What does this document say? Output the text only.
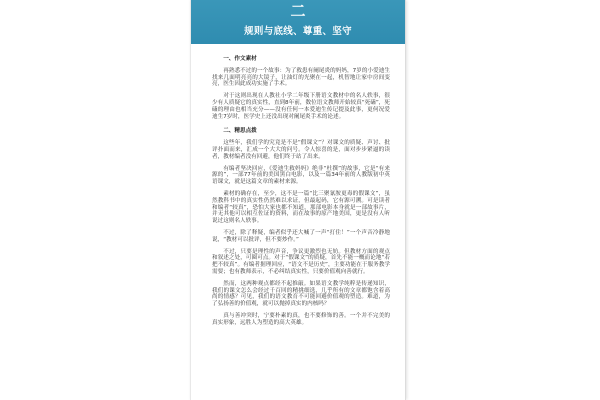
二
规则与底线、尊重、坚守
一、作文素材

再熟悉不过的一个故事：为了救患有阑尾炎的妈妈，7岁的小爱迪生找来几面明亮亮的大镜子，让油灯的光聚在一起，机智地让家中房间变亮，医生因此成功实施了手术。

对于这则出现在人教社小学二年级下册语文教材中的名人轶事，很少有人质疑它的真实性，直到8年前，数位语文教师开始较真“死磕”，死磕的理由也相当充分——没有任何一本爱迪生传记提及此事，更何况爱迪生7岁时，医学史上还没出现对阑尾炎手术的论述。

二、精思点拨

这些年，我们学的究竟是不是“假课文”？对课文的质疑、声讨、批评扑面而来，汇成一个大大的问号。令人惊喜的是，面对步步紧逼的读者，教材编者没有回避，他们终于站了出来。

有编者坚决回应，《爱迪生救妈妈》绝非“杜撰”的故事，它是“有来源的”，一部77年前的美国黑白电影，以及一篇34年前的人教版初中英语课文，就是这篇文章的素材来源。

素材的确存在，至少，这不是一篇“比三聚氰胺更毒的假课文”，虽然教科书中的真实性仍然难以求证，但最起码，它有源可溯。可是读者和编者“较真”，恐怕大家也都不知道，那部电影本身就是一部故事片，并无其他可以相互佐证的资料，而在故事的原产地美国，更是没有人听说过这则名人轶事。

不过，除了释疑，编者似乎还大喊了一声“打住！”一个声音冷静地说，“教材可以批评，但不要炒作。”

不过，只要是理性的声音，争议更激烈也无妨。但教材方面的观点和叙述之处，可圈可点。对于“假课文”的质疑，首先不能一概而论地“若把不较真”。有编者据理回应，“语文不是历史”，主要功能在于服务教学需要；也有教师表示，不必纠结真实性，只要价值观向善就行。

然而，这两种观点都经不起推敲。如果语文教学纯粹是传递知识，我们的课文怎么会经过千百回的精挑细选，几乎所有的文章都饱含着高尚的情感？可见，我们的语文教育不可能回避价值观的塑造。难道，为了弘扬善的价值观，就可以抛掉真实的内核吗？

真与善冲突时，宁要朴素的真，也不要修饰的善。一个并不完美的真实形象，远胜人为塑造的高大英雄。
